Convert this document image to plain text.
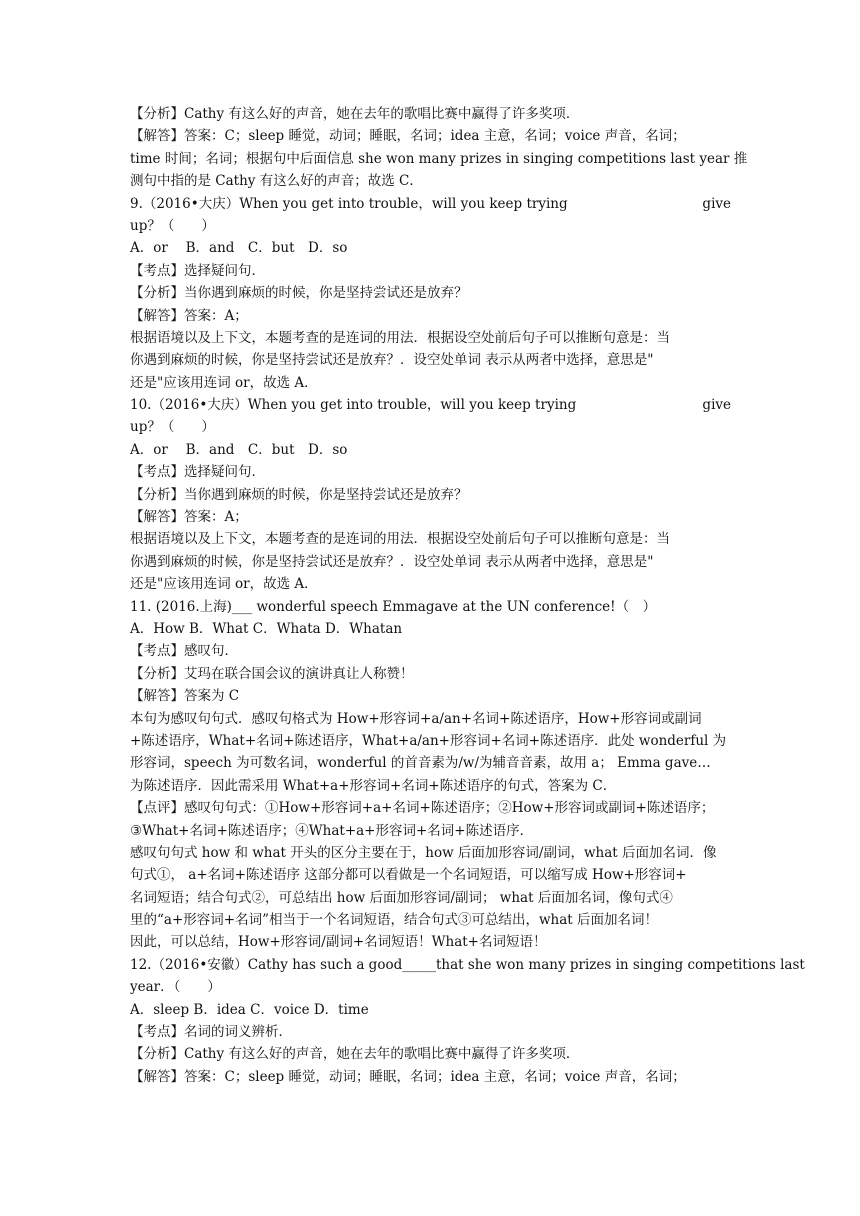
【分析】Cathy 有这么好的声音，她在去年的歌唱比赛中赢得了许多奖项．
【解答】答案：C；sleep 睡觉，动词；睡眠，名词；idea 主意，名词；voice 声音，名词；
time 时间；名词；根据句中后面信息 she won many prizes in singing competitions last year 推
测句中指的是 Cathy 有这么好的声音；故选 C．
9.（2016•大庆）When you get into trouble，will you keep trying	give
up？（　　）
A．or　 B．and　C．but　D．so
【考点】选择疑问句．
【分析】当你遇到麻烦的时候，你是坚持尝试还是放弃？
【解答】答案：A；
根据语境以及上下文，本题考查的是连词的用法．根据设空处前后句子可以推断句意是：当
你遇到麻烦的时候，你是坚持尝试还是放弃？．设空处单词 表示从两者中选择，意思是"
还是"应该用连词 or，故选 A．
10.（2016•大庆）When you get into trouble，will you keep trying	give
up？（　　）
A．or　 B．and　C．but　D．so
【考点】选择疑问句．
【分析】当你遇到麻烦的时候，你是坚持尝试还是放弃？
【解答】答案：A；
根据语境以及上下文，本题考查的是连词的用法．根据设空处前后句子可以推断句意是：当
你遇到麻烦的时候，你是坚持尝试还是放弃？．设空处单词 表示从两者中选择，意思是"
还是"应该用连词 or，故选 A．
11. (2016.上海)___ wonderful speech Emmagave at the UN conference!（　）
A．How B．What C．Whata D．Whatan
【考点】感叹句．
【分析】艾玛在联合国会议的演讲真让人称赞！
【解答】答案为 C
本句为感叹句句式．感叹句格式为 How+形容词+a/an+名词+陈述语序，How+形容词或副词
+陈述语序，What+名词+陈述语序，What+a/an+形容词+名词+陈述语序．此处 wonderful 为
形容词，speech 为可数名词，wonderful 的首音素为/w/为辅音音素，故用 a； Emma gave…
为陈述语序．因此需采用 What+a+形容词+名词+陈述语序的句式，答案为 C．
【点评】感叹句句式：①How+形容词+a+名词+陈述语序；②How+形容词或副词+陈述语序；
③What+名词+陈述语序；④What+a+形容词+名词+陈述语序．
感叹句句式 how 和 what 开头的区分主要在于，how 后面加形容词/副词，what 后面加名词．像
句式①， a+名词+陈述语序 这部分都可以看做是一个名词短语，可以缩写成 How+形容词+
名词短语；结合句式②，可总结出 how 后面加形容词/副词； what 后面加名词，像句式④
里的“a+形容词+名词”相当于一个名词短语，结合句式③可总结出，what 后面加名词！
因此，可以总结，How+形容词/副词+名词短语！What+名词短语！
12.（2016•安徽）Cathy has such a good_____that she won many prizes in singing competitions last
year．（　　）
A．sleep B．idea C．voice D．time
【考点】名词的词义辨析．
【分析】Cathy 有这么好的声音，她在去年的歌唱比赛中赢得了许多奖项．
【解答】答案：C；sleep 睡觉，动词；睡眠，名词；idea 主意，名词；voice 声音，名词；
